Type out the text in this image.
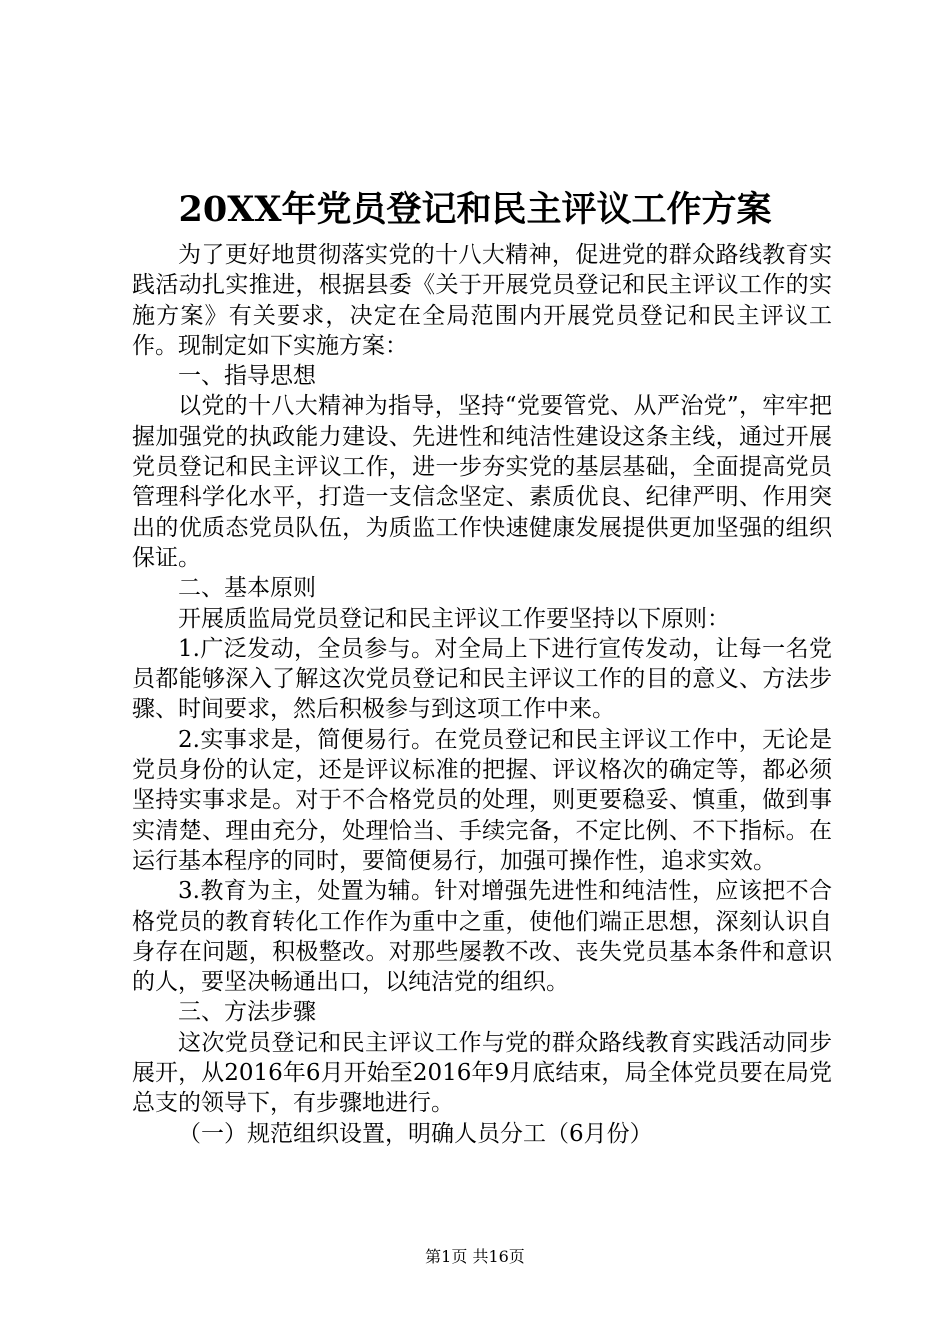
20XX年党员登记和民主评议工作方案

为了更好地贯彻落实党的十八大精神，促进党的群众路线教育实践活动扎实推进，根据县委《关于开展党员登记和民主评议工作的实施方案》有关要求，决定在全局范围内开展党员登记和民主评议工作。现制定如下实施方案：

一、指导思想

以党的十八大精神为指导，坚持“党要管党、从严治党”，牢牢把握加强党的执政能力建设、先进性和纯洁性建设这条主线，通过开展党员登记和民主评议工作，进一步夯实党的基层基础，全面提高党员管理科学化水平，打造一支信念坚定、素质优良、纪律严明、作用突出的优质态党员队伍，为质监工作快速健康发展提供更加坚强的组织保证。

二、基本原则

开展质监局党员登记和民主评议工作要坚持以下原则：

1.广泛发动，全员参与。对全局上下进行宣传发动，让每一名党员都能够深入了解这次党员登记和民主评议工作的目的意义、方法步骤、时间要求，然后积极参与到这项工作中来。

2.实事求是，简便易行。在党员登记和民主评议工作中，无论是党员身份的认定，还是评议标准的把握、评议格次的确定等，都必须坚持实事求是。对于不合格党员的处理，则更要稳妥、慎重，做到事实清楚、理由充分，处理恰当、手续完备，不定比例、不下指标。在运行基本程序的同时，要简便易行，加强可操作性，追求实效。

3.教育为主，处置为辅。针对增强先进性和纯洁性，应该把不合格党员的教育转化工作作为重中之重，使他们端正思想，深刻认识自身存在问题，积极整改。对那些屡教不改、丧失党员基本条件和意识的人，要坚决畅通出口，以纯洁党的组织。

三、方法步骤

这次党员登记和民主评议工作与党的群众路线教育实践活动同步展开，从2016年6月开始至2016年9月底结束，局全体党员要在局党总支的领导下，有步骤地进行。

（一）规范组织设置，明确人员分工（6月份）

第1页 共16页
